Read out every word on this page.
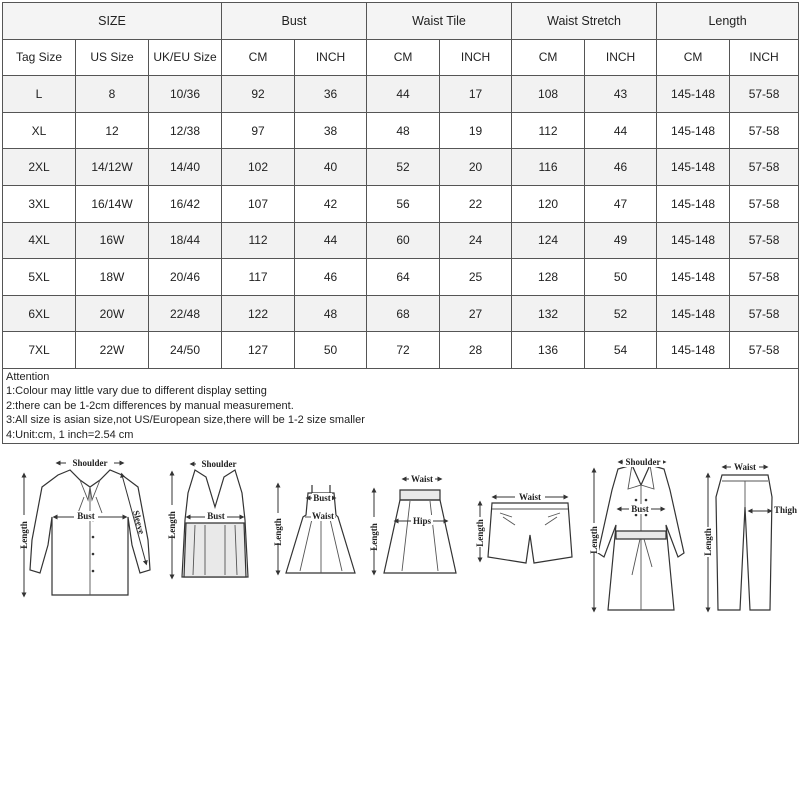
SIZE			Bust		Waist Tile		Waist Stretch		Length	
Tag Size	US Size	UK/EU Size	CM	INCH	CM	INCH	CM	INCH	CM	INCH
L	8	10/36	92	36	44	17	108	43	145-148	57-58
XL	12	12/38	97	38	48	19	112	44	145-148	57-58
2XL	14/12W	14/40	102	40	52	20	116	46	145-148	57-58
3XL	16/14W	16/42	107	42	56	22	120	47	145-148	57-58
4XL	16W	18/44	112	44	60	24	124	49	145-148	57-58
5XL	18W	20/46	117	46	64	25	128	50	145-148	57-58
6XL	20W	22/48	122	48	68	27	132	52	145-148	57-58
7XL	22W	24/50	127	50	72	28	136	54	145-148	57-58

Attention
1:Colour may little vary due to different display setting
2:there can be 1-2cm differences by manual measurement.
3:All size is asian size,not US/European size,there will be 1-2 size smaller
4:Unit:cm, 1 inch=2.54 cm										
Shoulder
Bust
Length	Sleeve
Shoulder
Bust
Length
Bust
Waist
Length
Waist
Hips
Length
Waist
Length
Shoulder
Bust
Length
Waist
Thigh
Length
